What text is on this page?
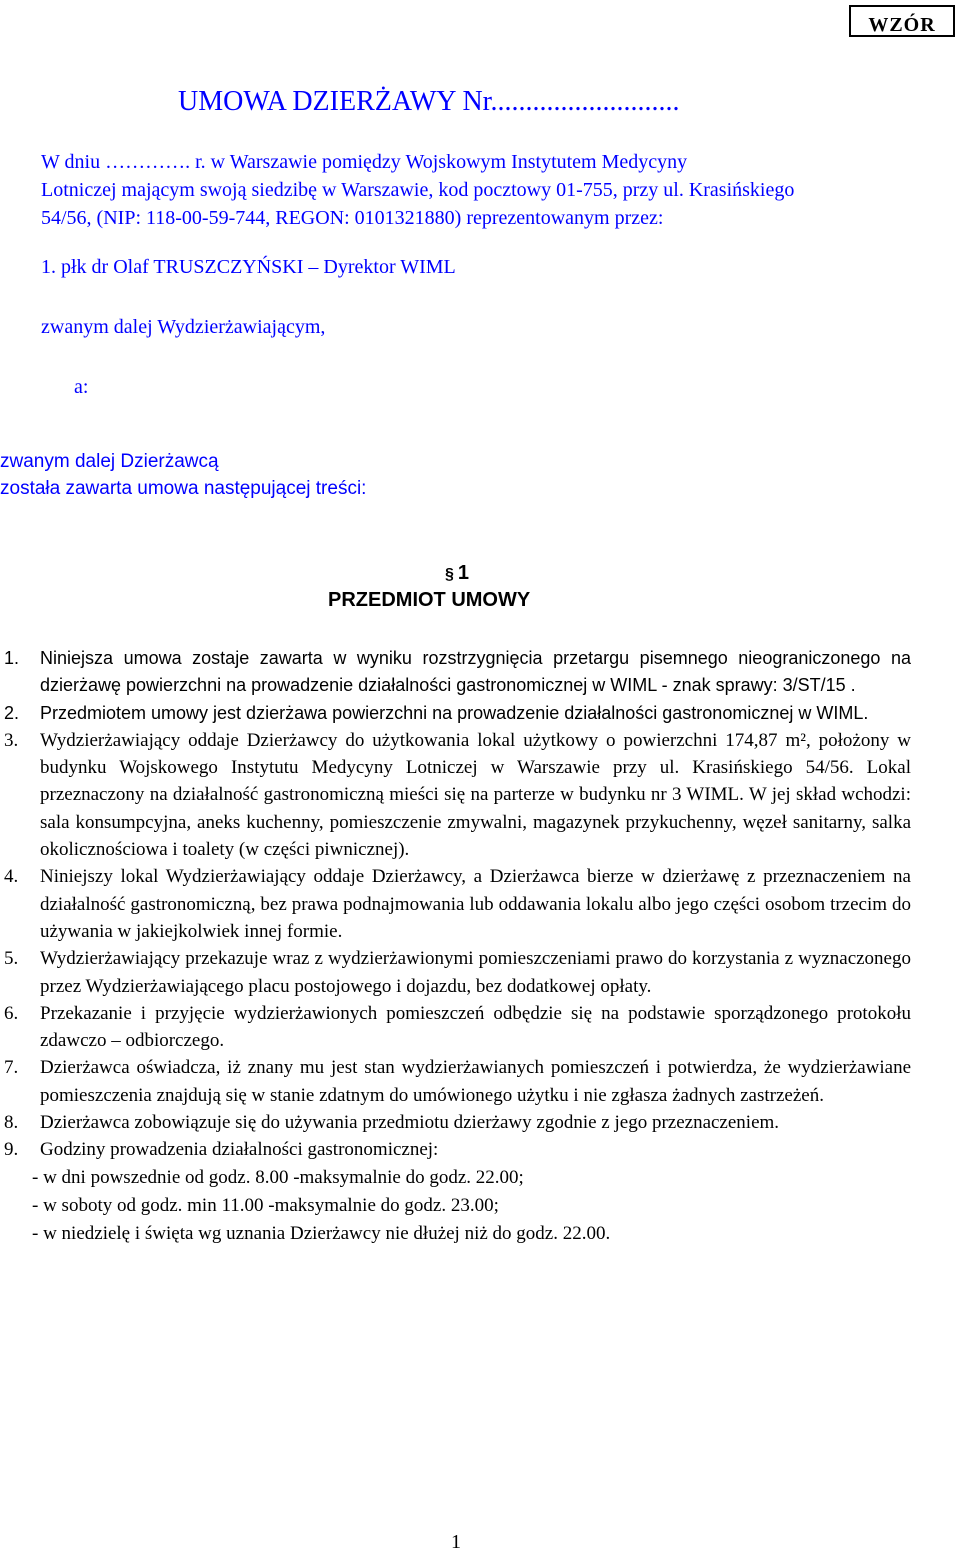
WZÓR
UMOWA DZIERŻAWY Nr...........................
W dniu …………. r. w Warszawie pomiędzy Wojskowym Instytutem Medycyny
Lotniczej mającym swoją siedzibę w Warszawie, kod pocztowy 01-755, przy ul. Krasińskiego
54/56, (NIP: 118-00-59-744, REGON: 0101321880) reprezentowanym przez:
1. płk dr Olaf TRUSZCZYŃSKI – Dyrektor WIML
zwanym dalej Wydzierżawiającym,
a:
zwanym dalej Dzierżawcą
została zawarta umowa następującej treści:
§ 1
PRZEDMIOT UMOWY
1. Niniejsza umowa zostaje zawarta w wyniku rozstrzygnięcia przetargu pisemnego nieograniczonego na dzierżawę powierzchni na prowadzenie działalności gastronomicznej w WIML - znak sprawy: 3/ST/15 .
2. Przedmiotem umowy jest dzierżawa powierzchni na prowadzenie działalności gastronomicznej w WIML.
3. Wydzierżawiający oddaje Dzierżawcy do użytkowania lokal użytkowy o powierzchni 174,87 m², położony w budynku Wojskowego Instytutu Medycyny Lotniczej w Warszawie przy ul. Krasińskiego 54/56. Lokal przeznaczony na działalność gastronomiczną mieści się na parterze w budynku nr 3 WIML. W jej skład wchodzi: sala konsumpcyjna, aneks kuchenny, pomieszczenie zmywalni, magazynek przykuchenny, węzeł sanitarny, salka okolicznościowa i toalety (w części piwnicznej).
4. Niniejszy lokal Wydzierżawiający oddaje Dzierżawcy, a Dzierżawca bierze w dzierżawę z przeznaczeniem na działalność gastronomiczną, bez prawa podnajmowania lub oddawania lokalu albo jego części osobom trzecim do używania w jakiejkolwiek innej formie.
5. Wydzierżawiający przekazuje wraz z wydzierżawionymi pomieszczeniami prawo do korzystania z wyznaczonego przez Wydzierżawiającego placu postojowego i dojazdu, bez dodatkowej opłaty.
6. Przekazanie i przyjęcie wydzierżawionych pomieszczeń odbędzie się na podstawie sporządzonego protokołu zdawczo – odbiorczego.
7. Dzierżawca oświadcza, iż znany mu jest stan wydzierżawianych pomieszczeń i potwierdza, że wydzierżawiane pomieszczenia znajdują się w stanie zdatnym do umówionego użytku i nie zgłasza żadnych zastrzeżeń.
8. Dzierżawca zobowiązuje się do używania przedmiotu dzierżawy zgodnie z jego przeznaczeniem.
9. Godziny prowadzenia działalności gastronomicznej:
- w dni powszednie od godz. 8.00 -maksymalnie do godz. 22.00;
- w soboty od godz. min 11.00 -maksymalnie do godz. 23.00;
- w niedzielę i święta wg uznania Dzierżawcy nie dłużej niż do godz. 22.00.
1
